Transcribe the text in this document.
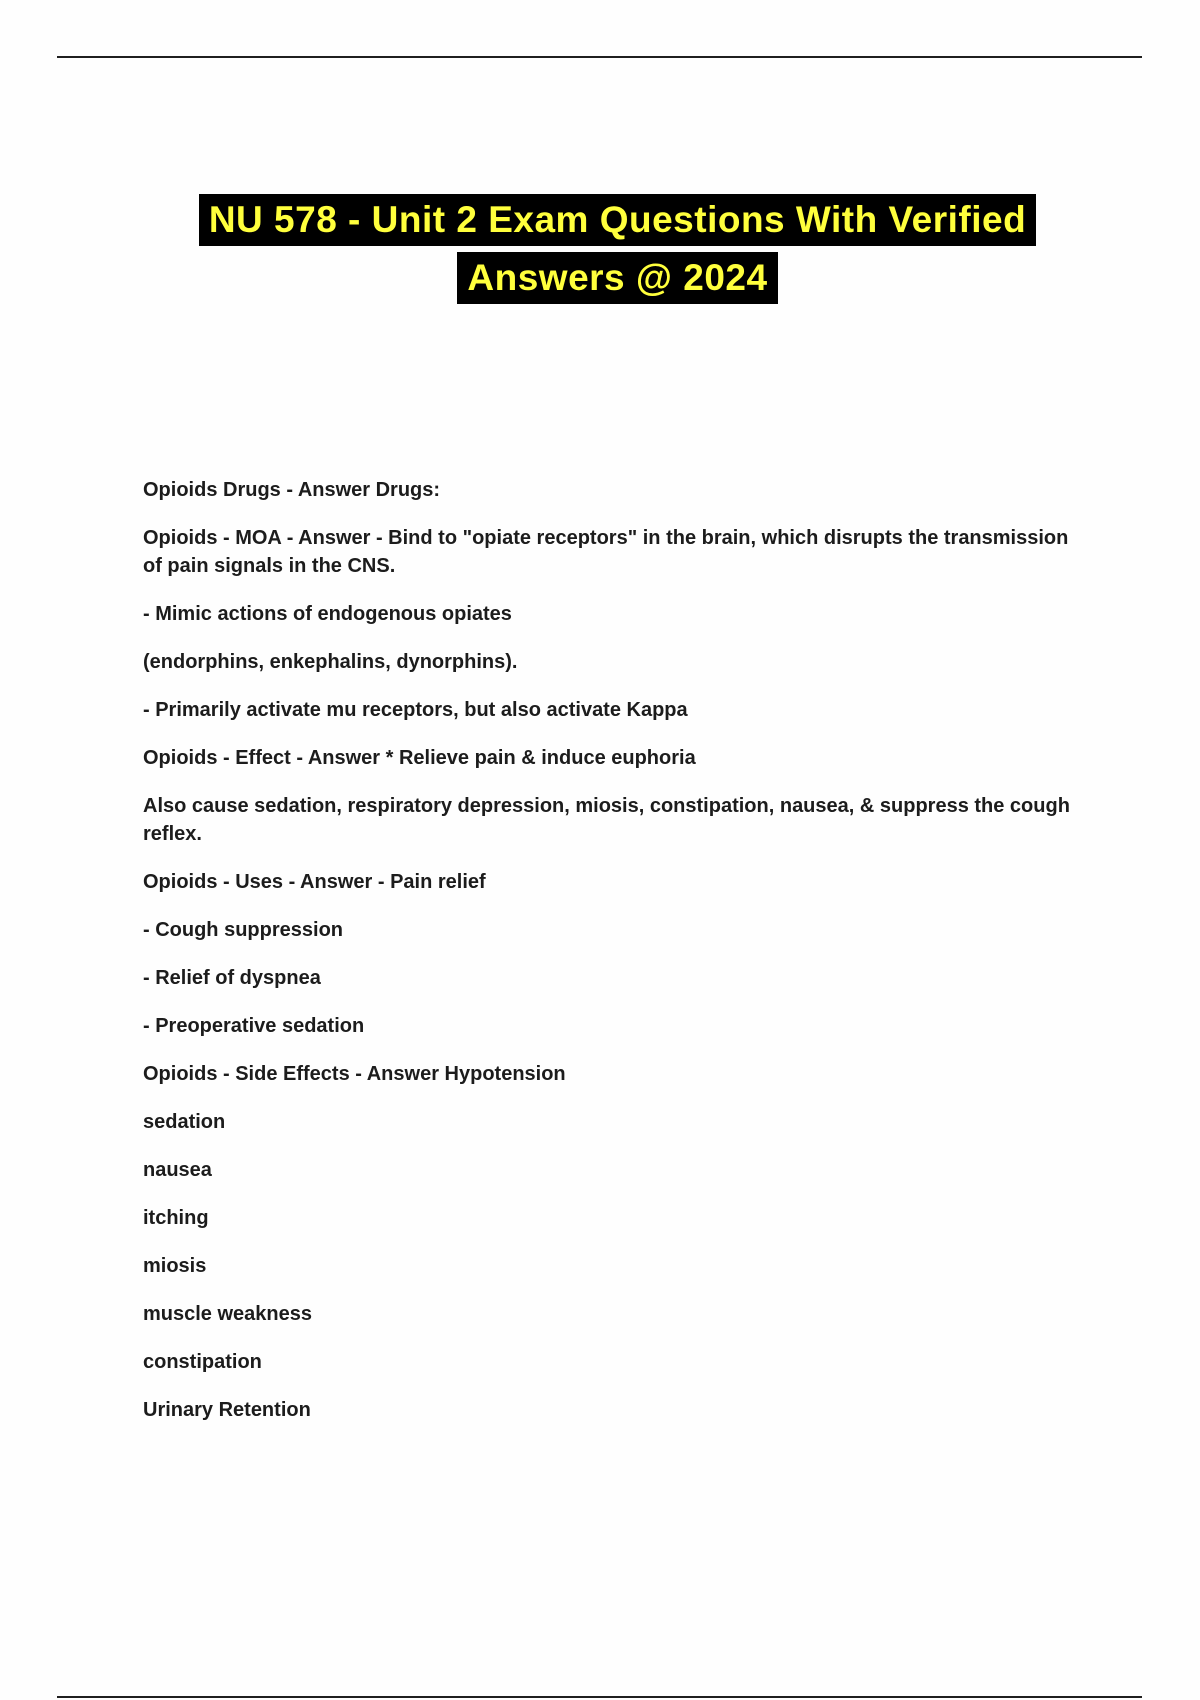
NU 578 - Unit 2 Exam Questions With Verified
Answers @ 2024

Opioids Drugs - Answer Drugs:

Opioids - MOA - Answer - Bind to "opiate receptors" in the brain, which disrupts the transmission of pain signals in the CNS.

- Mimic actions of endogenous opiates

(endorphins, enkephalins, dynorphins).

- Primarily activate mu receptors, but also activate Kappa

Opioids - Effect - Answer * Relieve pain & induce euphoria

Also cause sedation, respiratory depression, miosis, constipation, nausea, & suppress the cough reflex.

Opioids - Uses - Answer - Pain relief

- Cough suppression

- Relief of dyspnea

- Preoperative sedation

Opioids - Side Effects - Answer Hypotension

sedation

nausea

itching

miosis

muscle weakness

constipation

Urinary Retention
